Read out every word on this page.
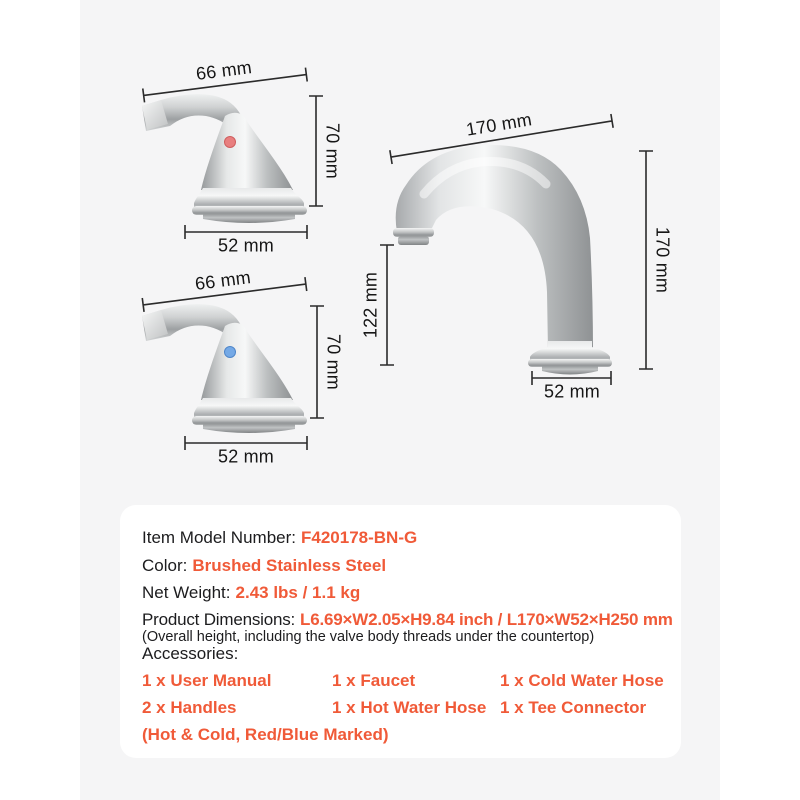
66 mm
70 mm
52 mm
66 mm
70 mm
52 mm
170 mm
170 mm
122 mm
52 mm
Item Model Number: F420178-BN-G
Color: Brushed Stainless Steel
Net Weight: 2.43 lbs / 1.1 kg
Product Dimensions: L6.69×W2.05×H9.84 inch / L170×W52×H250 mm
(Overall height, including the valve body threads under the countertop)
Accessories:
1 x User Manual
2 x Handles
1 x Faucet
1 x Hot Water Hose
1 x Cold Water Hose
1 x Tee Connector
(Hot & Cold, Red/Blue Marked)
